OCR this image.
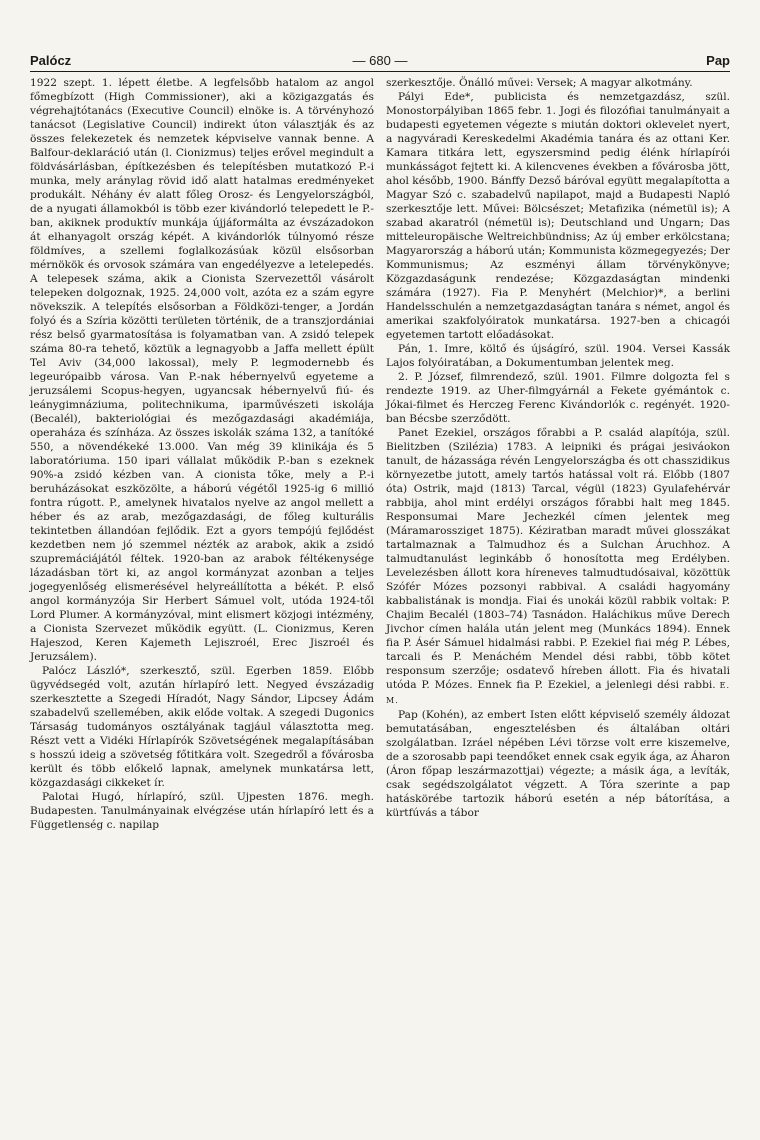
Palócz	— 680 —	Pap

1922 szept. 1. lépett életbe. A legfelsőbb hatalom az angol főmegbízott (High Commissioner), aki a közigazgatás és végrehajtótanács (Executive Council) elnöke is. A törvényhozó tanácsot (Legislative Council) indirekt úton választják és az összes felekezetek és nemzetek képviselve vannak benne. A Balfour-deklaráció után (l. Cionizmus) teljes erővel megindult a földvásárlásban, építkezésben és telepítésben mutatkozó P.-i munka, mely aránylag rövid idő alatt hatalmas eredményeket produkált. Néhány év alatt főleg Orosz- és Lengyelországból, de a nyugati államokból is több ezer kivándorló telepedett le P.-ban, akiknek produktív munkája újjáformálta az évszázadokon át elhanyagolt ország képét. A kivándorlók túlnyomó része földmíves, a szellemi foglalkozásúak közül elsősorban mérnökök és orvosok számára van engedélyezve a letelepedés. A telepesek száma, akik a Cionista Szervezettől vásárolt telepeken dolgoznak, 1925. 24,000 volt, azóta ez a szám egyre növekszik. A telepítés elsősorban a Földközi-tenger, a Jordán folyó és a Szíria közötti területen történik, de a transzjordániai rész belső gyarmatosítása is folyamatban van. A zsidó telepek száma 80-ra tehető, köztük a legnagyobb a Jaffa mellett épült Tel Aviv (34,000 lakossal), mely P. legmodernebb és legeurópaibb városa. Van P.-nak hébernyelvű egyeteme a jeruzsálemi Scopus-hegyen, ugyancsak hébernyelvű fiú- és leánygimnáziuma, politechnikuma, iparművészeti iskolája (Becalél), bakteriológiai és mezőgazdasági akadémiája, operaháza és színháza. Az összes iskolák száma 132, a tanítóké 550, a növendékeké 13.000. Van még 39 klinikája és 5 laboratóriuma. 150 ipari vállalat működik P.-ban s ezeknek 90%-a zsidó kézben van. A cionista tőke, mely a P.-i beruházásokat eszközölte, a háború végétől 1925-ig 6 millió fontra rúgott. P., amelynek hivatalos nyelve az angol mellett a héber és az arab, mezőgazdasági, de főleg kulturális tekintetben állandóan fejlődik. Ezt a gyors tempójú fejlődést kezdetben nem jó szemmel nézték az arabok, akik a zsidó szupremáciájától féltek. 1920-ban az arabok féltékenysége lázadásban tört ki, az angol kormányzat azonban a teljes jogegyenlőség elismerésével helyreállította a békét. P. első angol kormányzója Sir Herbert Sámuel volt, utóda 1924-től Lord Plumer. A kormányzóval, mint elismert közjogi intézmény, a Cionista Szervezet működik együtt. (L. Cionizmus, Keren Hajeszod, Keren Kajemeth Lejiszroél, Erec Jiszroél és Jeruzsálem).

Palócz László*, szerkesztő, szül. Egerben 1859. Előbb ügyvédsegéd volt, azután hírlapíró lett. Negyed évszázadig szerkesztette a Szegedi Híradót, Nagy Sándor, Lipcsey Ádám szabadelvű szellemében, akik előde voltak. A szegedi Dugonics Társaság tudományos osztályának tagjául választotta meg. Részt vett a Vidéki Hírlapírók Szövetségének megalapításában s hosszú ideig a szövetség főtitkára volt. Szegedről a fővárosba került és több előkelő lapnak, amelynek munkatársa lett, közgazdasági cikkeket ír.

Palotai Hugó, hírlapíró, szül. Ujpesten 1876. megh. Budapesten. Tanulmányainak elvégzése után hírlapíró lett és a Függetlenség c. napilap

szerkesztője. Önálló művei: Versek; A magyar alkotmány.

Pályi Ede*, publicista és nemzetgazdász, szül. Monostorpályiban 1865 febr. 1. Jogi és filozófiai tanulmányait a budapesti egyetemen végezte s miután doktori oklevelet nyert, a nagyváradi Kereskedelmi Akadémia tanára és az ottani Ker. Kamara titkára lett, egyszersmind pedig élénk hírlapírói munkásságot fejtett ki. A kilencvenes években a fővárosba jött, ahol később, 1900. Bánffy Dezső báróval együtt megalapította a Magyar Szó c. szabadelvű napilapot, majd a Budapesti Napló szerkesztője lett. Művei: Bölcsészet; Metafizika (németül is); A szabad akaratról (németül is); Deutschland und Ungarn; Das mitteleuropäische Weltreichbündniss; Az új ember erkölcstana; Magyarország a háború után; Kommunista közmegegyezés; Der Kommunismus; Az eszményi állam törvénykönyve; Közgazdaságunk rendezése; Közgazdaságtan mindenki számára (1927). Fia P. Menyhért (Melchior)*, a berlini Handelsschulén a nemzetgazdaságtan tanára s német, angol és amerikai szakfolyóiratok munkatársa. 1927-ben a chicagói egyetemen tartott előadásokat.

Pán, 1. Imre, költő és újságíró, szül. 1904. Versei Kassák Lajos folyóiratában, a Dokumentumban jelentek meg.

2. P. József, filmrendező, szül. 1901. Filmre dolgozta fel s rendezte 1919. az Uher-filmgyárnál a Fekete gyémántok c. Jókai-filmet és Herczeg Ferenc Kivándorlók c. regényét. 1920-ban Bécsbe szerződött.

Panet Ezekiel, országos főrabbi a P. család alapítója, szül. Bielitzben (Szilézia) 1783. A leipniki és prágai jesiváokon tanult, de házassága révén Lengyelországba és ott chasszidikus környezetbe jutott, amely tartós hatással volt rá. Előbb (1807 óta) Ostrik, majd (1813) Tarcal, végül (1823) Gyulafehérvár rabbija, ahol mint erdélyi országos főrabbi halt meg 1845. Responsumai Mare Jechezkél címen jelentek meg (Máramarossziget 1875). Kéziratban maradt művei glosszákat tartalmaznak a Talmudhoz és a Sulchan Áruchhoz. A talmudtanulást leginkább ő honosította meg Erdélyben. Levelezésben állott kora híreneves talmudtudósaival, közöttük Szófér Mózes pozsonyi rabbival. A családi hagyomány kabbalistának is mondja. Fiai és unokái közül rabbik voltak: P. Chajim Becalél (1803–74) Tasnádon. Haláchikus műve Derech Jivchor címen halála után jelent meg (Munkács 1894). Ennek fia P. Ásér Sámuel hidalmási rabbi. P. Ezekiel fiai még P. Lébes, tarcali és P. Menáchém Mendel dési rabbi, több kötet responsum szerzője; osdatevő híreben állott. Fia és hivatali utóda P. Mózes. Ennek fia P. Ezekiel, a jelenlegi dési rabbi. E. M.

Pap (Kohén), az embert Isten előtt képviselő személy áldozat bemutatásában, engesztelésben és általában oltári szolgálatban. Izráel népében Lévi törzse volt erre kiszemelve, de a szorosabb papi teendőket ennek csak egyik ága, az Áharon (Áron főpap leszármazottjai) végezte; a másik ága, a levíták, csak segédszolgálatot végzett. A Tóra szerinte a pap hatáskörébe tartozik háború esetén a nép bátorítása, a kürtfúvás a tábor
